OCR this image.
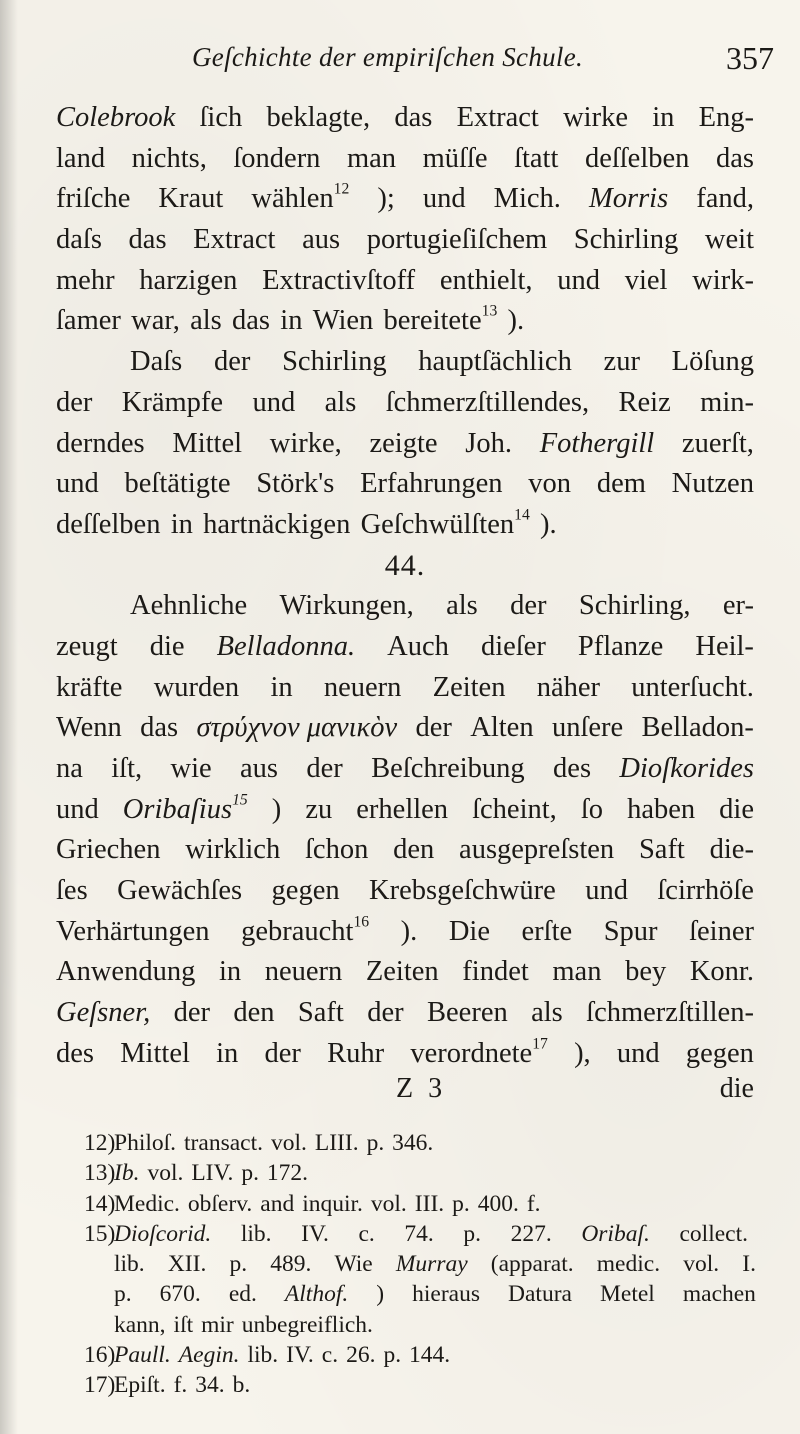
Geſchichte der empiriſchen Schule.	357
Colebrook ſich beklagte, das Extract wirke in Eng-
land nichts, ſondern man müſſe ſtatt deſſelben das
friſche Kraut wählen$^{12}$ ); und Mich. Morris fand,
daſs das Extract aus portugieſiſchem Schirling weit
mehr harzigen Extractivſtoff enthielt, und viel wirk-
ſamer war, als das in Wien bereitete$^{13}$ ).
Daſs der Schirling hauptſächlich zur Löſung
der Krämpfe und als ſchmerzſtillendes, Reiz min-
derndes Mittel wirke, zeigte Joh. Fothergill zuerſt,
und beſtätigte Störk's Erfahrungen von dem Nutzen
deſſelben in hartnäckigen Geſchwülſten$^{14}$ ).
44.
Aehnliche Wirkungen, als der Schirling, er-
zeugt die Belladonna. Auch dieſer Pflanze Heil-
kräfte wurden in neuern Zeiten näher unterſucht.
Wenn das στρύχνον μανικὸν der Alten unſere Belladon-
na iſt, wie aus der Beſchreibung des Dioſkorides
und Oribaſius$^{15}$ ) zu erhellen ſcheint, ſo haben die
Griechen wirklich ſchon den ausgepreſsten Saft die-
ſes Gewächſes gegen Krebsgeſchwüre und ſcirrhöſe
Verhärtungen gebraucht$^{16}$ ). Die erſte Spur ſeiner
Anwendung in neuern Zeiten findet man bey Konr.
Geſsner, der den Saft der Beeren als ſchmerzſtillen-
des Mittel in der Ruhr verordnete$^{17}$ ), und gegen
Z 3	die
12)
Philoſ. transact. vol. LIII. p. 346.
13)
Ib. vol. LIV. p. 172.
14)
Medic. obſerv. and inquir. vol. III. p. 400. f.
15)
Dioſcorid. lib. IV. c. 74. p. 227. Oribaſ. collect.
lib. XII. p. 489. Wie Murray (apparat. medic. vol. I.
p. 670. ed. Althof. ) hieraus Datura Metel machen
kann, iſt mir unbegreiflich.
16)
Paull. Aegin. lib. IV. c. 26. p. 144.
17)
Epiſt. f. 34. b.
